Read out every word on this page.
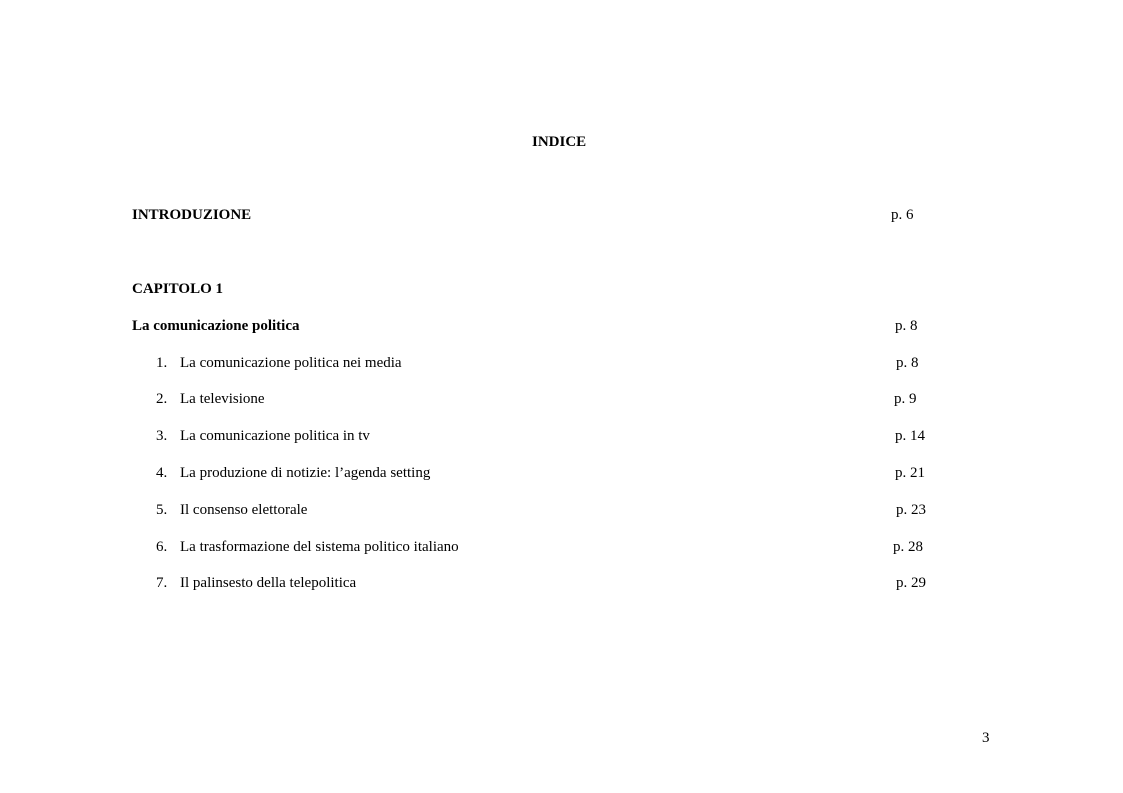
INDICE
INTRODUZIONE	p. 6
CAPITOLO 1
La comunicazione politica	p. 8
1. La comunicazione politica nei media	p. 8
2. La televisione	p. 9
3. La comunicazione politica in tv	p. 14
4. La produzione di notizie: l’agenda setting	p. 21
5. Il consenso elettorale	p. 23
6. La trasformazione del sistema politico italiano	p. 28
7. Il palinsesto della telepolitica	p. 29
3
